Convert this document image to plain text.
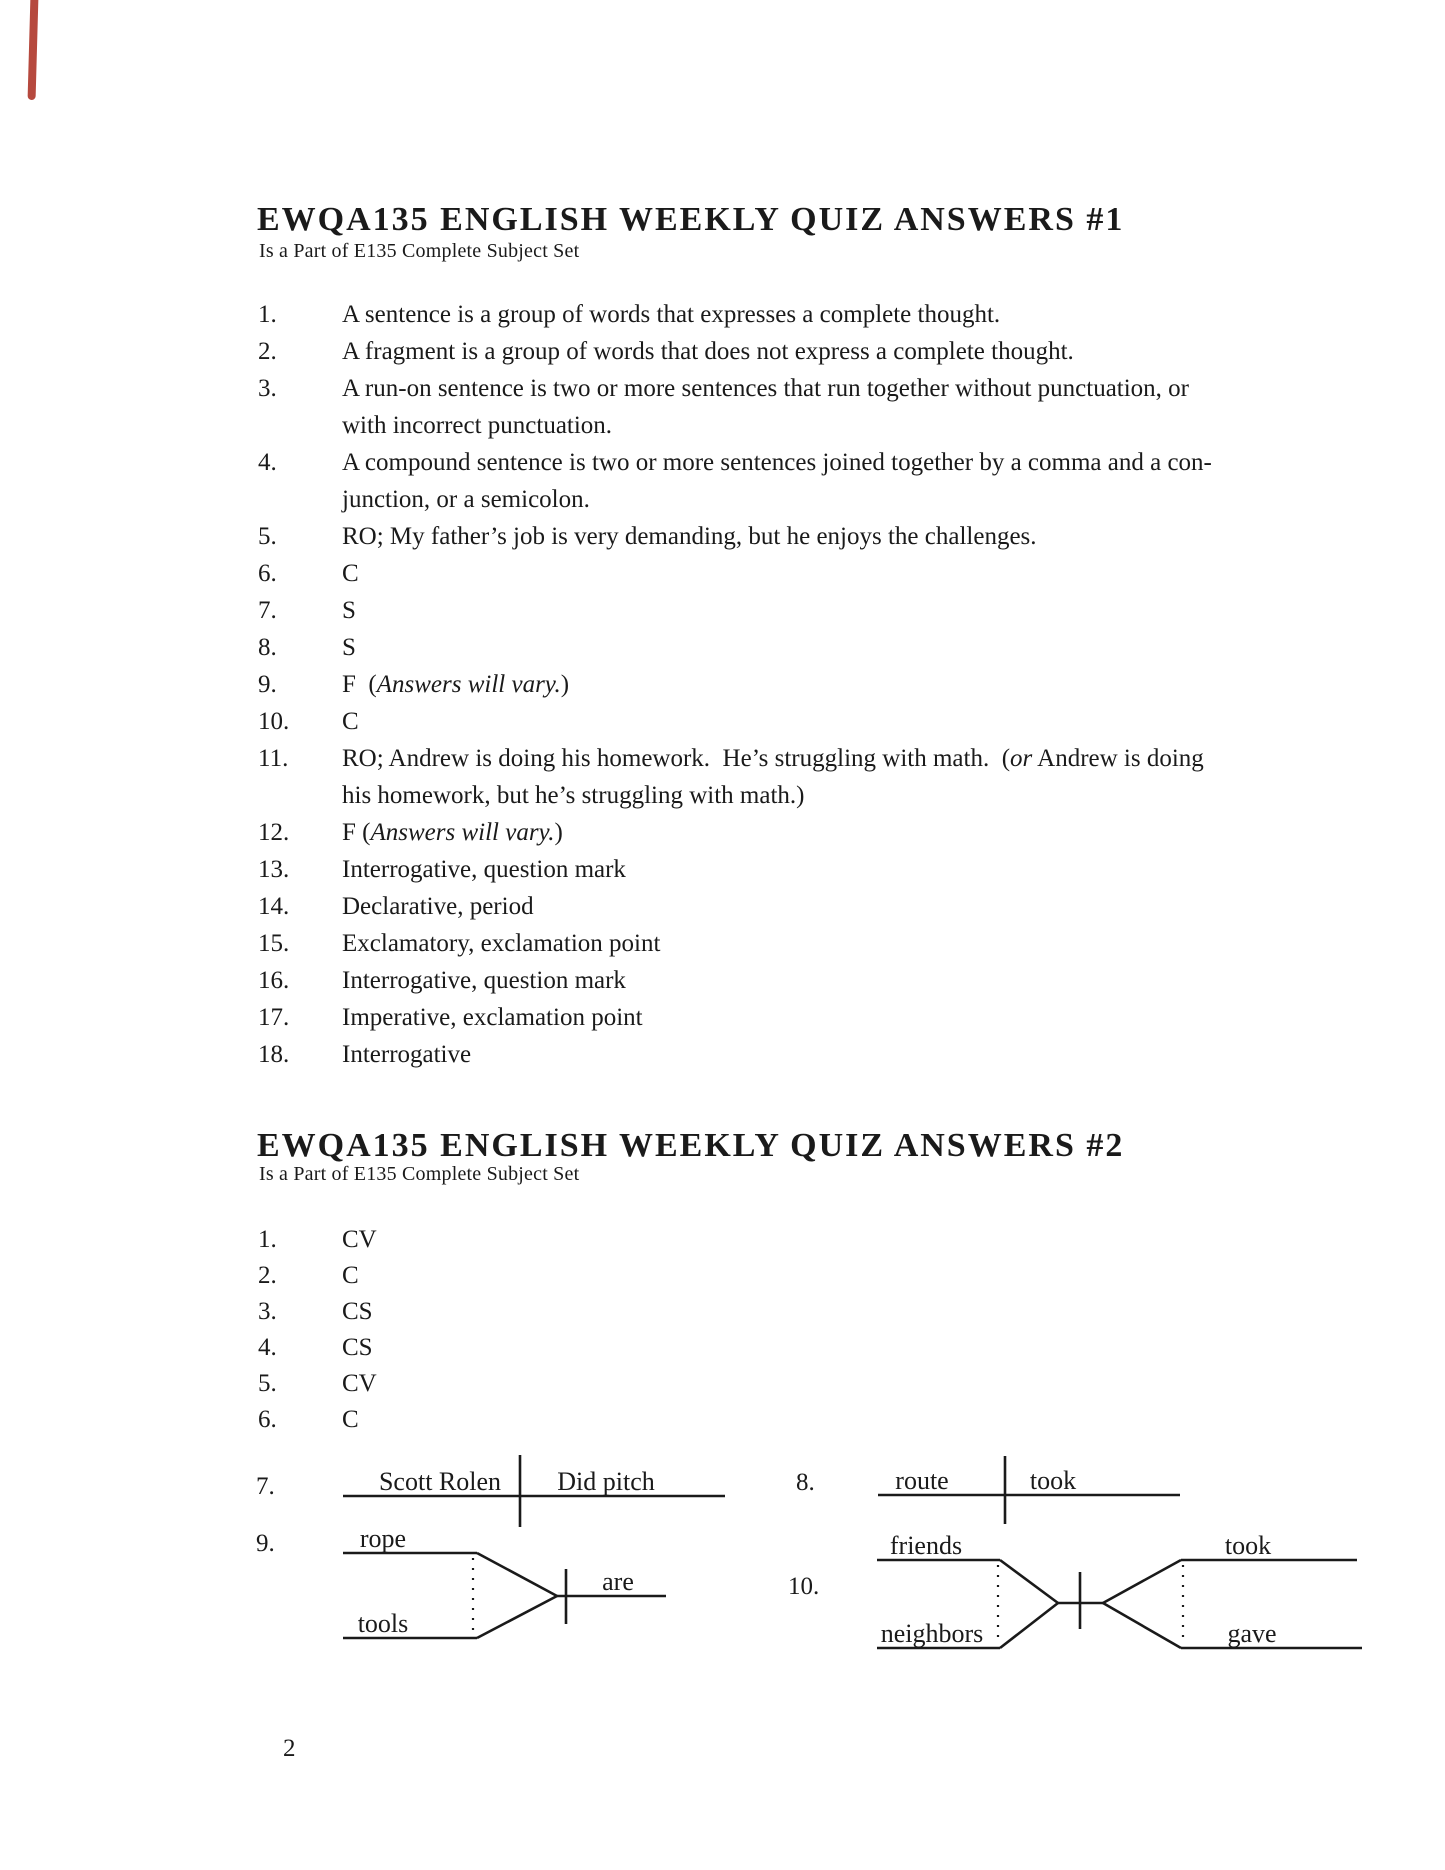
EWQA135 ENGLISH WEEKLY QUIZ ANSWERS #1
Is a Part of E135 Complete Subject Set
1.	A sentence is a group of words that expresses a complete thought.
2.	A fragment is a group of words that does not express a complete thought.
3.	A run-on sentence is two or more sentences that run together without punctuation, or
with incorrect punctuation.
4.	A compound sentence is two or more sentences joined together by a comma and a con-
junction, or a semicolon.
5.	RO; My father’s job is very demanding, but he enjoys the challenges.
6.	C
7.	S
8.	S
9.	F  (Answers will vary.)
10.	C
11.	RO; Andrew is doing his homework.  He’s struggling with math.  (or Andrew is doing
his homework, but he’s struggling with math.)
12.	F (Answers will vary.)
13.	Interrogative, question mark
14.	Declarative, period
15.	Exclamatory, exclamation point
16.	Interrogative, question mark
17.	Imperative, exclamation point
18.	Interrogative
EWQA135 ENGLISH WEEKLY QUIZ ANSWERS #2
Is a Part of E135 Complete Subject Set
1.	CV
2.	C
3.	CS
4.	CS
5.	CV
6.	C
7.	Scott Rolen Did pitch	8.	route	took
9.	rope
tools
are	10.
friends
neighbors
took
gave
2
